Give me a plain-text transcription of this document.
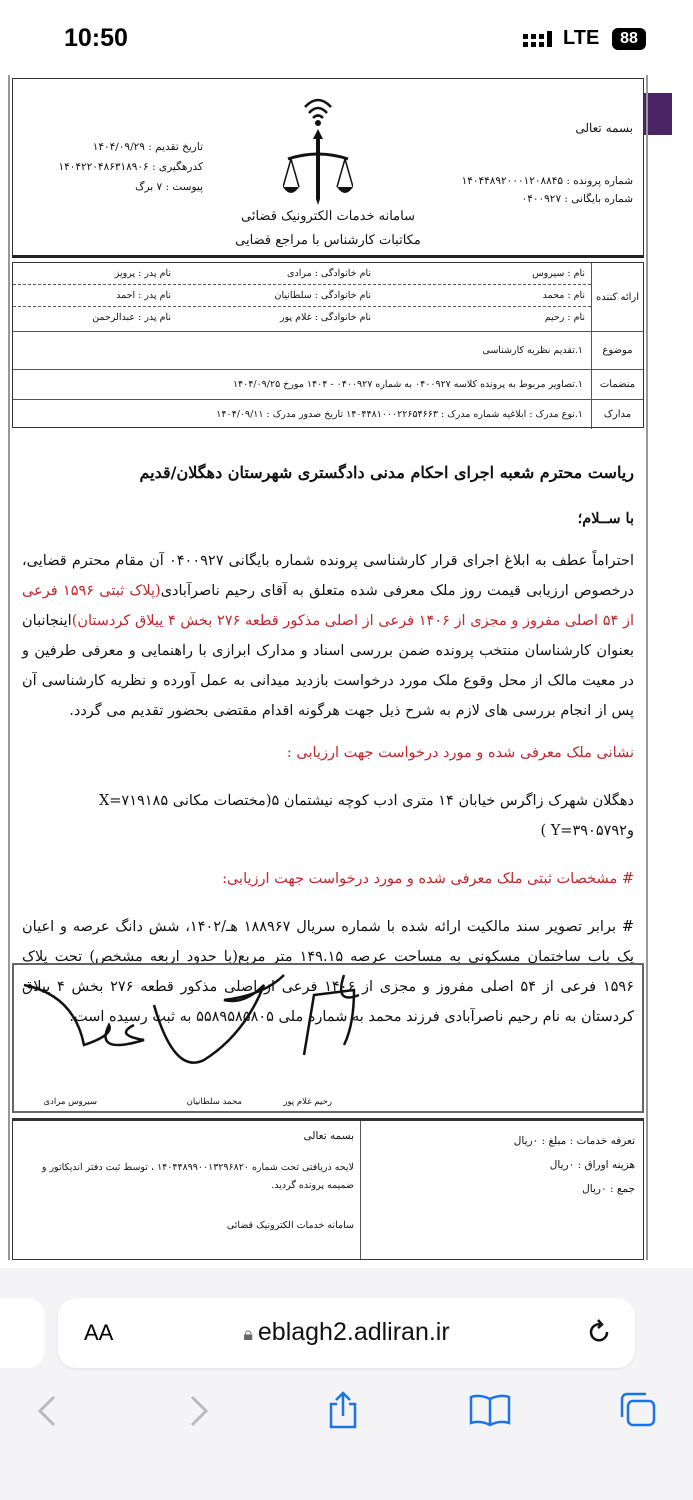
10:50	LTE	88
بسمه تعالی
شماره پرونده : ۱۴۰۴۴۸۹۲۰۰۰۱۲۰۸۸۴۵
شماره بایگانی : ۰۴۰۰۹۲۷
سامانه خدمات الکترونیک قضائی
مکاتبات کارشناس با مراجع قضایی
تاریخ تقدیم : ۱۴۰۴/۰۹/۲۹
کدرهگیری : ۱۴۰۴۲۲۰۴۸۶۳۱۸۹۰۶
پیوست : ۷ برگ
ارائه کننده
نام : سیروس
نام خانوادگی : مرادی
نام پدر : پرویز
نام : محمد
نام خانوادگی : سلطانیان
نام پدر : احمد
نام : رحیم
نام خانوادگی : غلام پور
نام پدر : عبدالرحمن
موضوع
۱.تقدیم نظریه کارشناسی
منضمات
۱.تصاویر مربوط به پرونده کلاسه ۰۴۰۰۹۲۷ به شماره ۰۴۰۰۹۲۷ - ۱۴۰۴ مورخ ۱۴۰۴/۰۹/۲۵
مدارک
۱.نوع مدرک : ابلاغیه شماره مدرک : ۱۴۰۴۴۸۱۰۰۰۲۲۶۵۴۶۶۳ تاریخ صدور مدرک : ۱۴۰۴/۰۹/۱۱

ریاست محترم شعبه اجرای احکام مدنی دادگستری شهرستان دهگلان/قدیم

با ســلام؛

احتراماً عطف به ابلاغ اجرای قرار کارشناسی پرونده شماره بایگانی ۰۴۰۰۹۲۷ آن مقام محترم قضایی، درخصوص ارزیابی قیمت روز ملک معرفی شده متعلق به آقای رحیم ناصرآبادی(پلاک ثبتی ۱۵۹۶ فرعی از ۵۴ اصلی مفروز و مجزی از ۱۴۰۶ فرعی از اصلی مذکور قطعه ۲۷۶ بخش ۴ ییلاق کردستان)اینجانبان بعنوان کارشناسان منتخب پرونده ضمن بررسی اسناد و مدارک ابرازی با راهنمایی و معرفی طرفین و در معیت مالک از محل وقوع ملک مورد درخواست بازدید میدانی به عمل آورده و نظریه کارشناسی آن پس از انجام بررسی های لازم به شرح ذیل جهت هرگونه اقدام مقتضی بحضور تقدیم می گردد.

نشانی ملک معرفی شده و مورد درخواست جهت ارزیابی :

دهگلان شهرک زاگرس خیابان ۱۴ متری ادب کوچه نیشتمان ۵(مختصات مکانی X=۷۱۹۱۸۵ وY=۳۹۰۵۷۹۲ )

# مشخصات ثبتی ملک معرفی شده و مورد درخواست جهت ارزیابی:

# برابر تصویر سند مالکیت ارائه شده با شماره سریال ۱۸۸۹۶۷ هـ/۱۴۰۲، شش دانگ عرصه و اعیان یک باب ساختمان مسکونی به مساحت عرصه ۱۴۹.۱۵ متر مربع(با حدود اربعه مشخص) تحت پلاک ۱۵۹۶ فرعی از ۵۴ اصلی مفروز و مجزی از ۱۴۰۶ فرعی از اصلی مذکور قطعه ۲۷۶ بخش ۴ ییلاق کردستان به نام رحیم ناصرآبادی فرزند محمد به شماره ملی ۵۵۸۹۵۸۵۸۰۵ به ثبت رسیده است.

رحیم غلام پور
محمد سلطانیان
سیروس مرادی
تعرفه خدمات : مبلغ : ۰ریال
هزینه اوراق : ۰ریال
جمع : ۰ریال
بسمه تعالی
لایحه دریافتی تحت شماره ۱۴۰۴۴۸۹۹۰۰۱۳۲۹۶۸۲۰ ، توسط ثبت دفتر اندیکاتور و ضمیمه پرونده گردید.
سامانه خدمات الکترونیک قضائی
AA	🔒︎ eblagh2.adliran.ir
